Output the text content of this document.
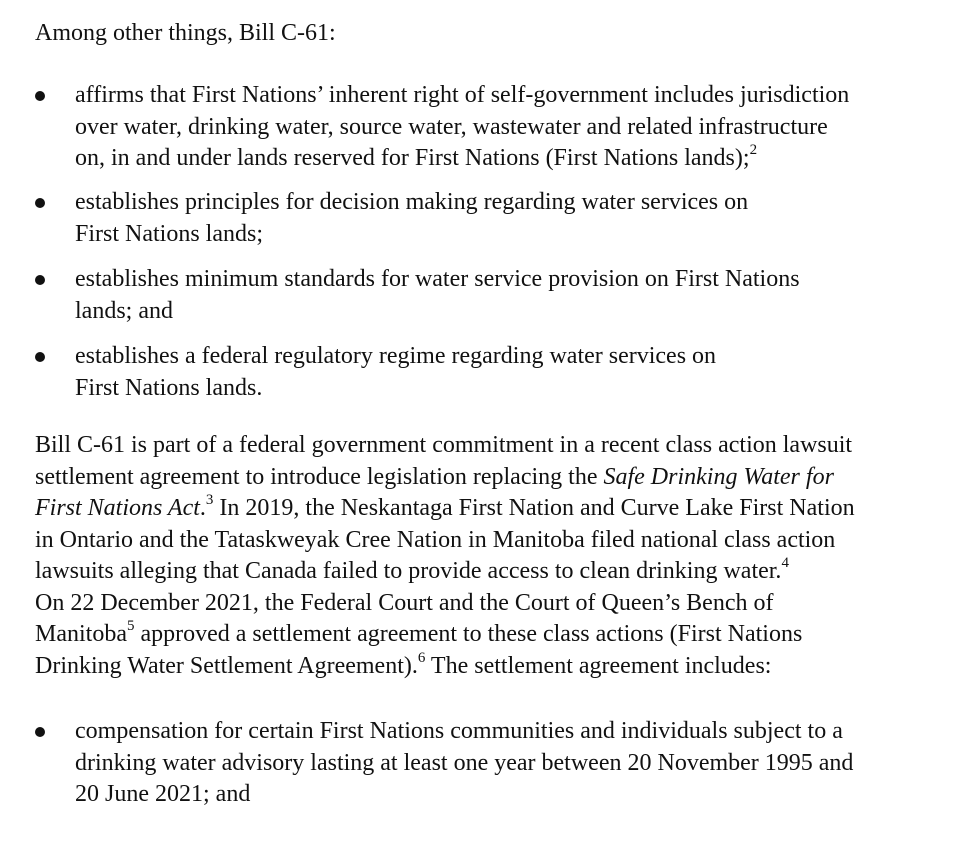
Among other things, Bill C-61:

affirms that First Nations’ inherent right of self-government includes jurisdiction
over water, drinking water, source water, wastewater and related infrastructure
on, in and under lands reserved for First Nations (First Nations lands);$^2$
establishes principles for decision making regarding water services on
First Nations lands;
establishes minimum standards for water service provision on First Nations
lands; and
establishes a federal regulatory regime regarding water services on
First Nations lands.
Bill C-61 is part of a federal government commitment in a recent class action lawsuit
settlement agreement to introduce legislation replacing the Safe Drinking Water for
First Nations Act.$^3$ In 2019, the Neskantaga First Nation and Curve Lake First Nation
in Ontario and the Tataskweyak Cree Nation in Manitoba filed national class action
lawsuits alleging that Canada failed to provide access to clean drinking water.$^4$
On 22 December 2021, the Federal Court and the Court of Queen’s Bench of
Manitoba$^5$ approved a settlement agreement to these class actions (First Nations
Drinking Water Settlement Agreement).$^6$ The settlement agreement includes:
compensation for certain First Nations communities and individuals subject to a
drinking water advisory lasting at least one year between 20 November 1995 and
20 June 2021; and
